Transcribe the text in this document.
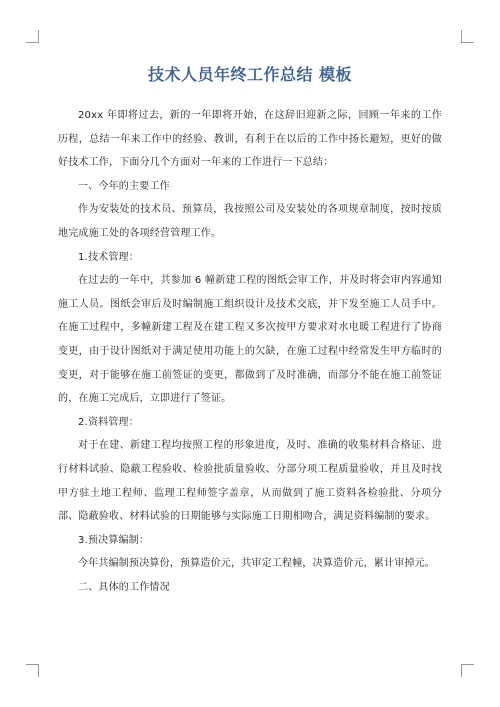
技术人员年终工作总结 模板

20xx 年即将过去，新的一年即将开始，在这辞旧迎新之际，回顾一年来的工作历程，总结一年来工作中的经验、教训，有利于在以后的工作中扬长避短，更好的做好技术工作，下面分几个方面对一年来的工作进行一下总结：

一、今年的主要工作

作为安装处的技术员、预算员，我按照公司及安装处的各项规章制度，按时按质地完成施工处的各项经营管理工作。

1.技术管理：

在过去的一年中，共参加 6 幢新建工程的图纸会审工作，并及时将会审内容通知施工人员。图纸会审后及时编制施工组织设计及技术交底，并下发至施工人员手中。在施工过程中，多幢新建工程及在建工程又多次按甲方要求对水电暖工程进行了协商变更，由于设计图纸对于满足使用功能上的欠缺，在施工过程中经常发生甲方临时的变更，对于能够在施工前签证的变更，都做到了及时准确，而部分不能在施工前签证的，在施工完成后，立即进行了签证。

2.资料管理：

对于在建、新建工程均按照工程的形象进度，及时、准确的收集材料合格证、进行材料试验、隐蔽工程验收、检验批质量验收、分部分项工程质量验收，并且及时找甲方驻土地工程师、监理工程师签字盖章，从而做到了施工资料各检验批、分项分部、隐蔽验收、材料试验的日期能够与实际施工日期相吻合，满足资料编制的要求。

3.预决算编制：

今年共编制预决算份，预算造价元，共审定工程幢，决算造价元，累计审掉元。

二、具体的工作情况
